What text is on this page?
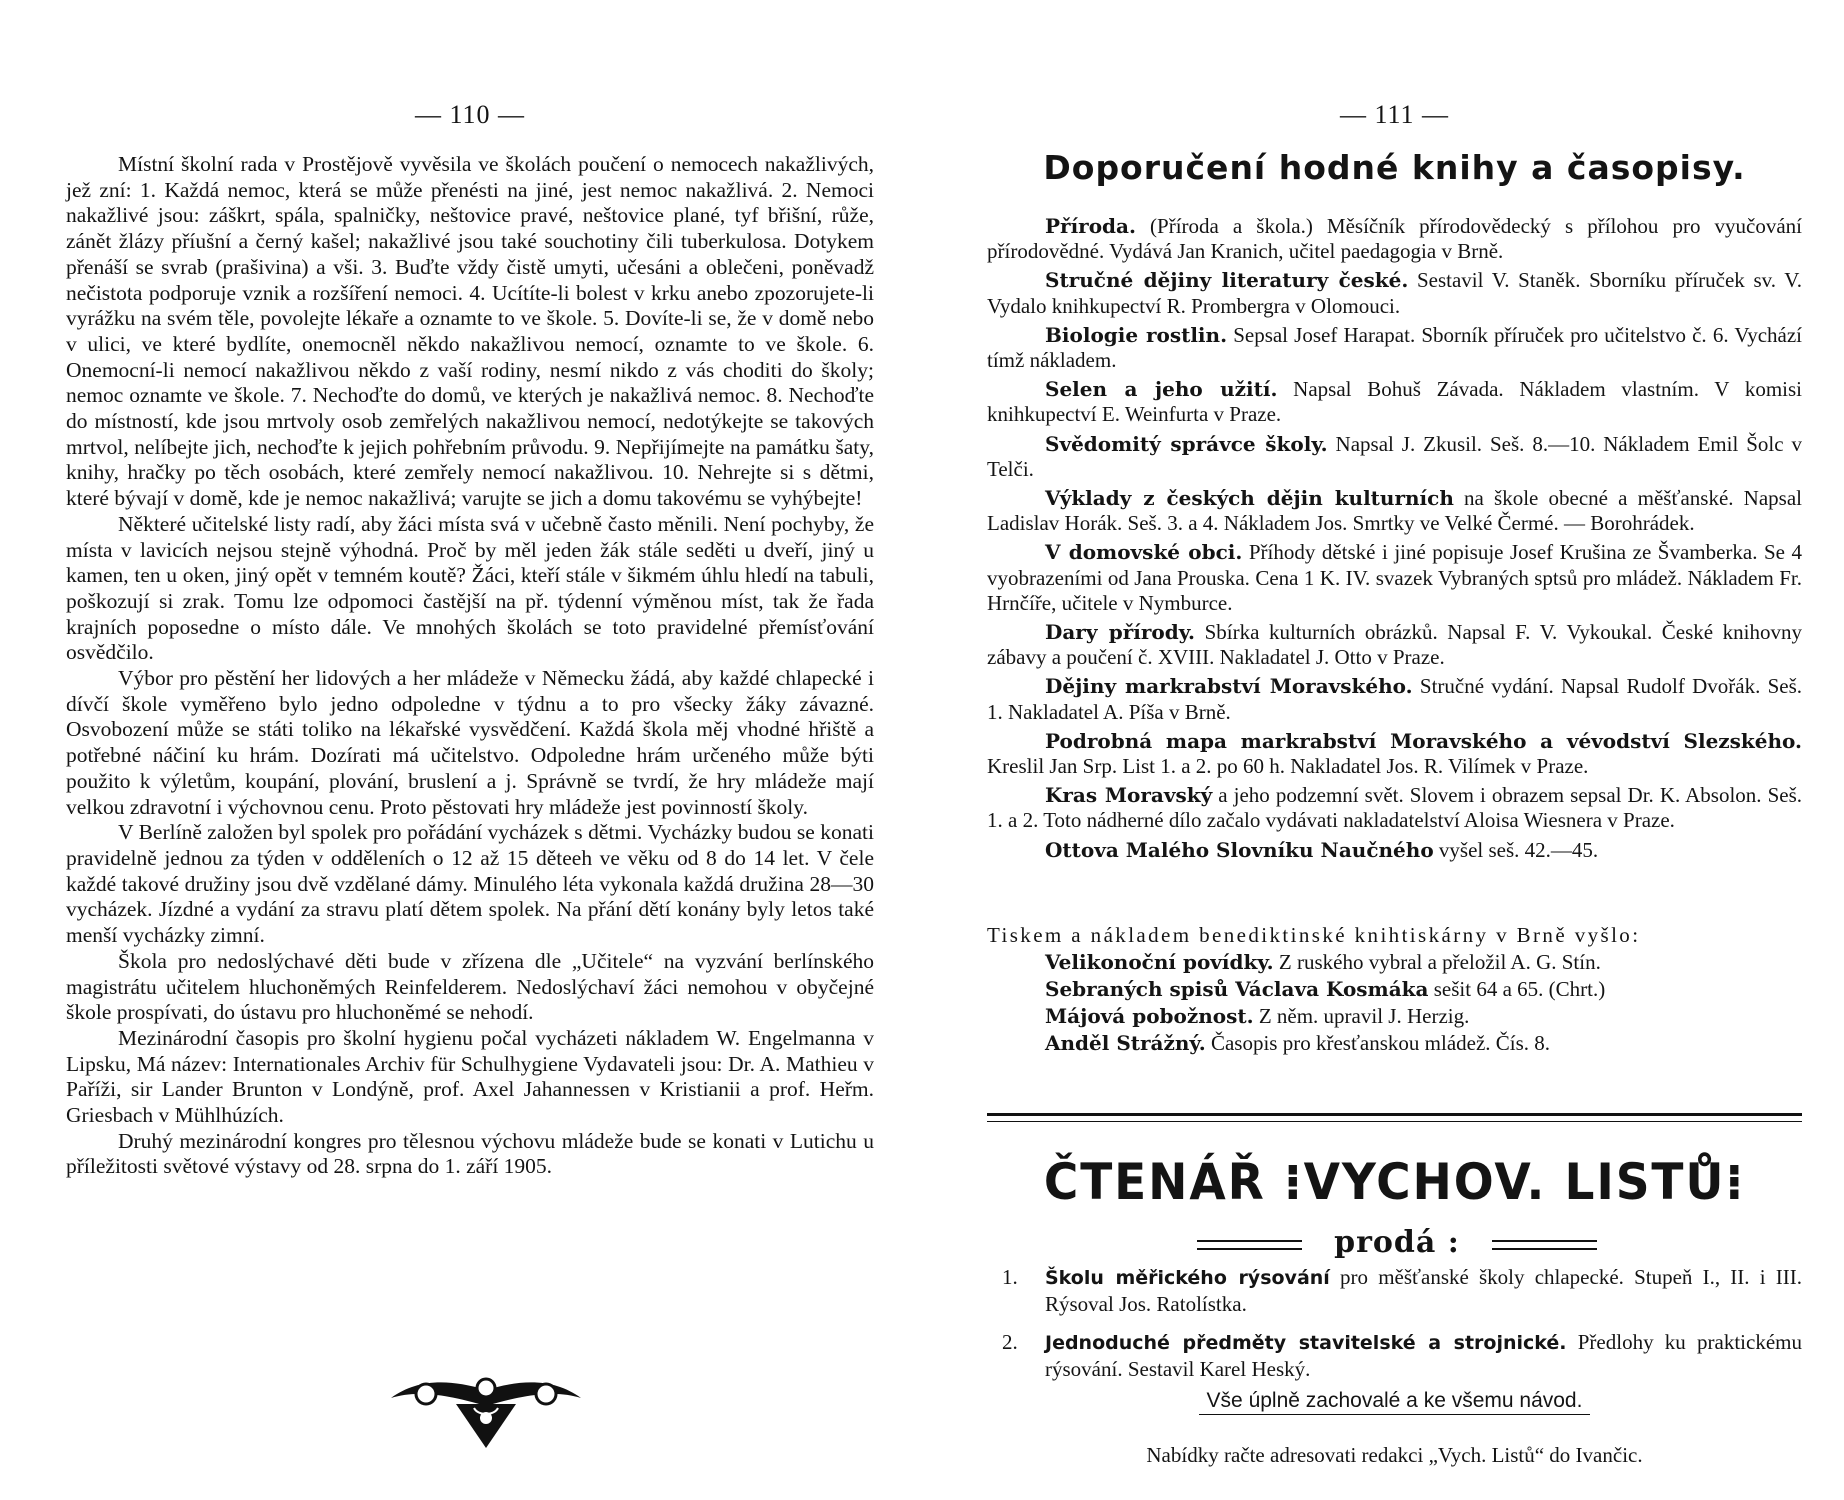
— 110 —

Místní školní rada v Prostějově vyvěsila ve školách poučení o nemocech nakažlivých, jež zní: 1. Každá nemoc, která se může přenésti na jiné, jest nemoc nakažlivá. 2. Nemoci nakažlivé jsou: záškrt, spála, spalničky, neštovice pravé, neštovice plané, tyf břišní, růže, zánět žlázy příušní a černý kašel; nakažlivé jsou také souchotiny čili tuberkulosa. Dotykem přenáší se svrab (prašivina) a vši. 3. Buďte vždy čistě umyti, učesáni a oblečeni, poněvadž nečistota podporuje vznik a rozšíření nemoci. 4. Ucítíte-li bolest v krku anebo zpozorujete-li vyrážku na svém těle, povolejte lékaře a oznamte to ve škole. 5. Dovíte-li se, že v domě nebo v ulici, ve které bydlíte, onemocněl někdo nakažlivou nemocí, oznamte to ve škole. 6. Onemocní-li nemocí nakažlivou někdo z vaší rodiny, nesmí nikdo z vás choditi do školy; nemoc oznamte ve škole. 7. Nechoďte do domů, ve kterých je nakažlivá nemoc. 8. Nechoďte do místností, kde jsou mrtvoly osob zemřelých nakažlivou nemocí, nedotýkejte se takových mrtvol, nelíbejte jich, nechoďte k jejich pohřebním průvodu. 9. Nepřijímejte na památku šaty, knihy, hračky po těch osobách, které zemřely nemocí nakažlivou. 10. Nehrejte si s dětmi, které bývají v domě, kde je nemoc nakažlivá; varujte se jich a domu takovému se vyhýbejte!

Některé učitelské listy radí, aby žáci místa svá v učebně často měnili. Není pochyby, že místa v lavicích nejsou stejně výhodná. Proč by měl jeden žák stále seděti u dveří, jiný u kamen, ten u oken, jiný opět v temném koutě? Žáci, kteří stále v šikmém úhlu hledí na tabuli, poškozují si zrak. Tomu lze odpomoci častější na př. týdenní výměnou míst, tak že řada krajních poposedne o místo dále. Ve mnohých školách se toto pravidelné přemísťování osvědčilo.

Výbor pro pěstění her lidových a her mládeže v Německu žádá, aby každé chlapecké i dívčí škole vyměřeno bylo jedno odpoledne v týdnu a to pro všecky žáky závazné. Osvobození může se státi toliko na lékařské vysvědčení. Každá škola měj vhodné hřiště a potřebné náčiní ku hrám. Dozírati má učitelstvo. Odpoledne hrám určeného může býti použito k výletům, koupání, plování, bruslení a j. Správně se tvrdí, že hry mládeže mají velkou zdravotní i výchovnou cenu. Proto pěstovati hry mládeže jest povinností školy.

V Berlíně založen byl spolek pro pořádání vycházek s dětmi. Vycházky budou se konati pravidelně jednou za týden v odděleních o 12 až 15 děteeh ve věku od 8 do 14 let. V čele každé takové družiny jsou dvě vzdělané dámy. Minulého léta vykonala každá družina 28—30 vycházek. Jízdné a vydání za stravu platí dětem spolek. Na přání dětí konány byly letos také menší vycházky zimní.

Škola pro nedoslýchavé děti bude v zřízena dle „Učitele“ na vyzvání berlínského magistrátu učitelem hluchoněmých Reinfelderem. Nedoslýchaví žáci nemohou v obyčejné škole prospívati, do ústavu pro hluchoněmé se nehodí.

Mezinárodní časopis pro školní hygienu počal vycházeti nákladem W. Engelmanna v Lipsku, Má název: Internationales Archiv für Schulhygiene Vydavateli jsou: Dr. A. Mathieu v Paříži, sir Lander Brunton v Londýně, prof. Axel Jahannessen v Kristianii a prof. Heřm. Griesbach v Mühlhúzích.

Druhý mezinárodní kongres pro tělesnou výchovu mládeže bude se konati v Lutichu u příležitosti světové výstavy od 28. srpna do 1. září 1905.

— 111 —
Doporučení hodné knihy a časopisy.

Příroda. (Příroda a škola.) Měsíčník přírodovědecký s přílohou pro vyučování přírodovědné. Vydává Jan Kranich, učitel paedagogia v Brně.

Stručné dějiny literatury české. Sestavil V. Staněk. Sborníku příruček sv. V. Vydalo knihkupectví R. Prombergra v Olomouci.

Biologie rostlin. Sepsal Josef Harapat. Sborník příruček pro učitelstvo č. 6. Vychází tímž nákladem.

Selen a jeho užití. Napsal Bohuš Závada. Nákladem vlastním. V komisi knihkupectví E. Weinfurta v Praze.

Svědomitý správce školy. Napsal J. Zkusil. Seš. 8.—10. Nákladem Emil Šolc v Telči.

Výklady z českých dějin kulturních na škole obecné a měšťanské. Napsal Ladislav Horák. Seš. 3. a 4. Nákladem Jos. Smrtky ve Velké Čermé. — Borohrádek.

V domovské obci. Příhody dětské i jiné popisuje Josef Krušina ze Švamberka. Se 4 vyobrazeními od Jana Prouska. Cena 1 K. IV. svazek Vybraných sptsů pro mládež. Nákladem Fr. Hrnčíře, učitele v Nymburce.

Dary přírody. Sbírka kulturních obrázků. Napsal F. V. Vykoukal. České knihovny zábavy a poučení č. XVIII. Nakladatel J. Otto v Praze.

Dějiny markrabství Moravského. Stručné vydání. Napsal Rudolf Dvořák. Seš. 1. Nakladatel A. Píša v Brně.

Podrobná mapa markrabství Moravského a vévodství Slezského. Kreslil Jan Srp. List 1. a 2. po 60 h. Nakladatel Jos. R. Vilímek v Praze.

Kras Moravský a jeho podzemní svět. Slovem i obrazem sepsal Dr. K. Absolon. Seš. 1. a 2. Toto nádherné dílo začalo vydávati nakladatelství Aloisa Wiesnera v Praze.

Ottova Malého Slovníku Naučného vyšel seš. 42.—45.

Tiskem a nákladem benediktinské knihtiskárny v Brně vyšlo:
Velikonoční povídky. Z ruského vybral a přeložil A. G. Stín.
Sebraných spisů Václava Kosmáka sešit 64 a 65. (Chrt.)
Májová pobožnost. Z něm. upravil J. Herzig.
Anděl Strážný. Časopis pro křesťanskou mládež. Čís. 8.
ČTENÁŘ ⁝VYCHOV. LISTŮ⁝
prodá :
1. Školu měřického rýsování pro měšťanské školy chlapecké. Stupeň I., II. i III. Rýsoval Jos. Ratolístka.
2. Jednoduché předměty stavitelské a strojnické. Předlohy ku praktickému rýsování. Sestavil Karel Heský.
Vše úplně zachovalé a ke všemu návod.
Nabídky račte adresovati redakci „Vych. Listů“ do Ivančic.
